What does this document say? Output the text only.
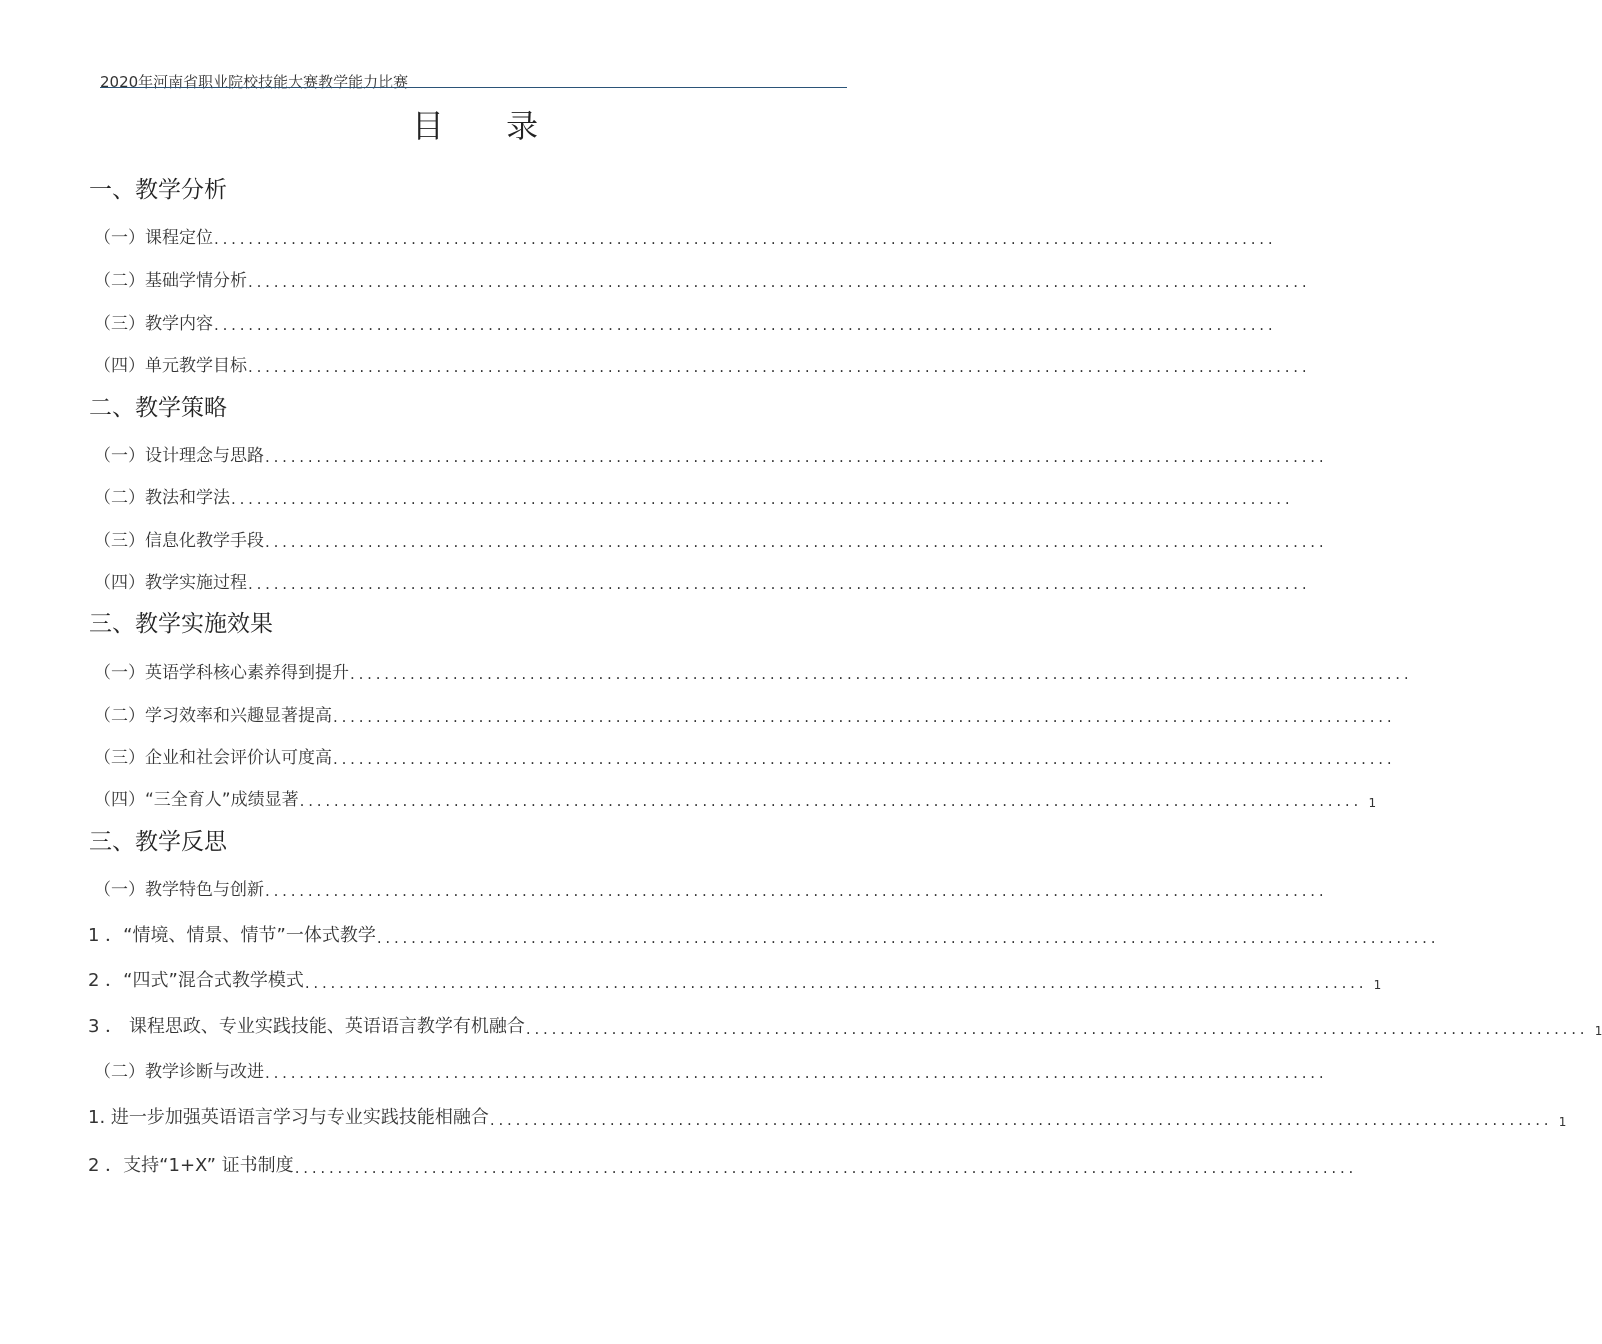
2020年河南省职业院校技能大赛教学能力比赛
目 录
一、教学分析
（一）课程定位 ............................................................................................................................
（二）基础学情分析 ............................................................................................................................
（三）教学内容 ............................................................................................................................
（四）单元教学目标 ............................................................................................................................
二、教学策略
（一）设计理念与思路 ............................................................................................................................
（二）教法和学法 ............................................................................................................................
（三）信息化教学手段 ............................................................................................................................
（四）教学实施过程 ............................................................................................................................
三、教学实施效果
（一）英语学科核心素养得到提升 ............................................................................................................................
（二）学习效率和兴趣显著提高 ............................................................................................................................
（三）企业和社会评价认可度高 ............................................................................................................................
（四）“三全育人”成绩显著 ............................................................................................................................ 1
三、教学反思
（一）教学特色与创新 ............................................................................................................................
1 ．“情境、情景、情节”一体式教学 ............................................................................................................................
2 ．“四式”混合式教学模式 ............................................................................................................................ 1
3 ． 课程思政、专业实践技能、英语语言教学有机融合 ............................................................................................................................ 1
（二）教学诊断与改进 ............................................................................................................................
1. 进一步加强英语语言学习与专业实践技能相融合 ............................................................................................................................ 1
2 ．支持“1+X” 证书制度 ............................................................................................................................
